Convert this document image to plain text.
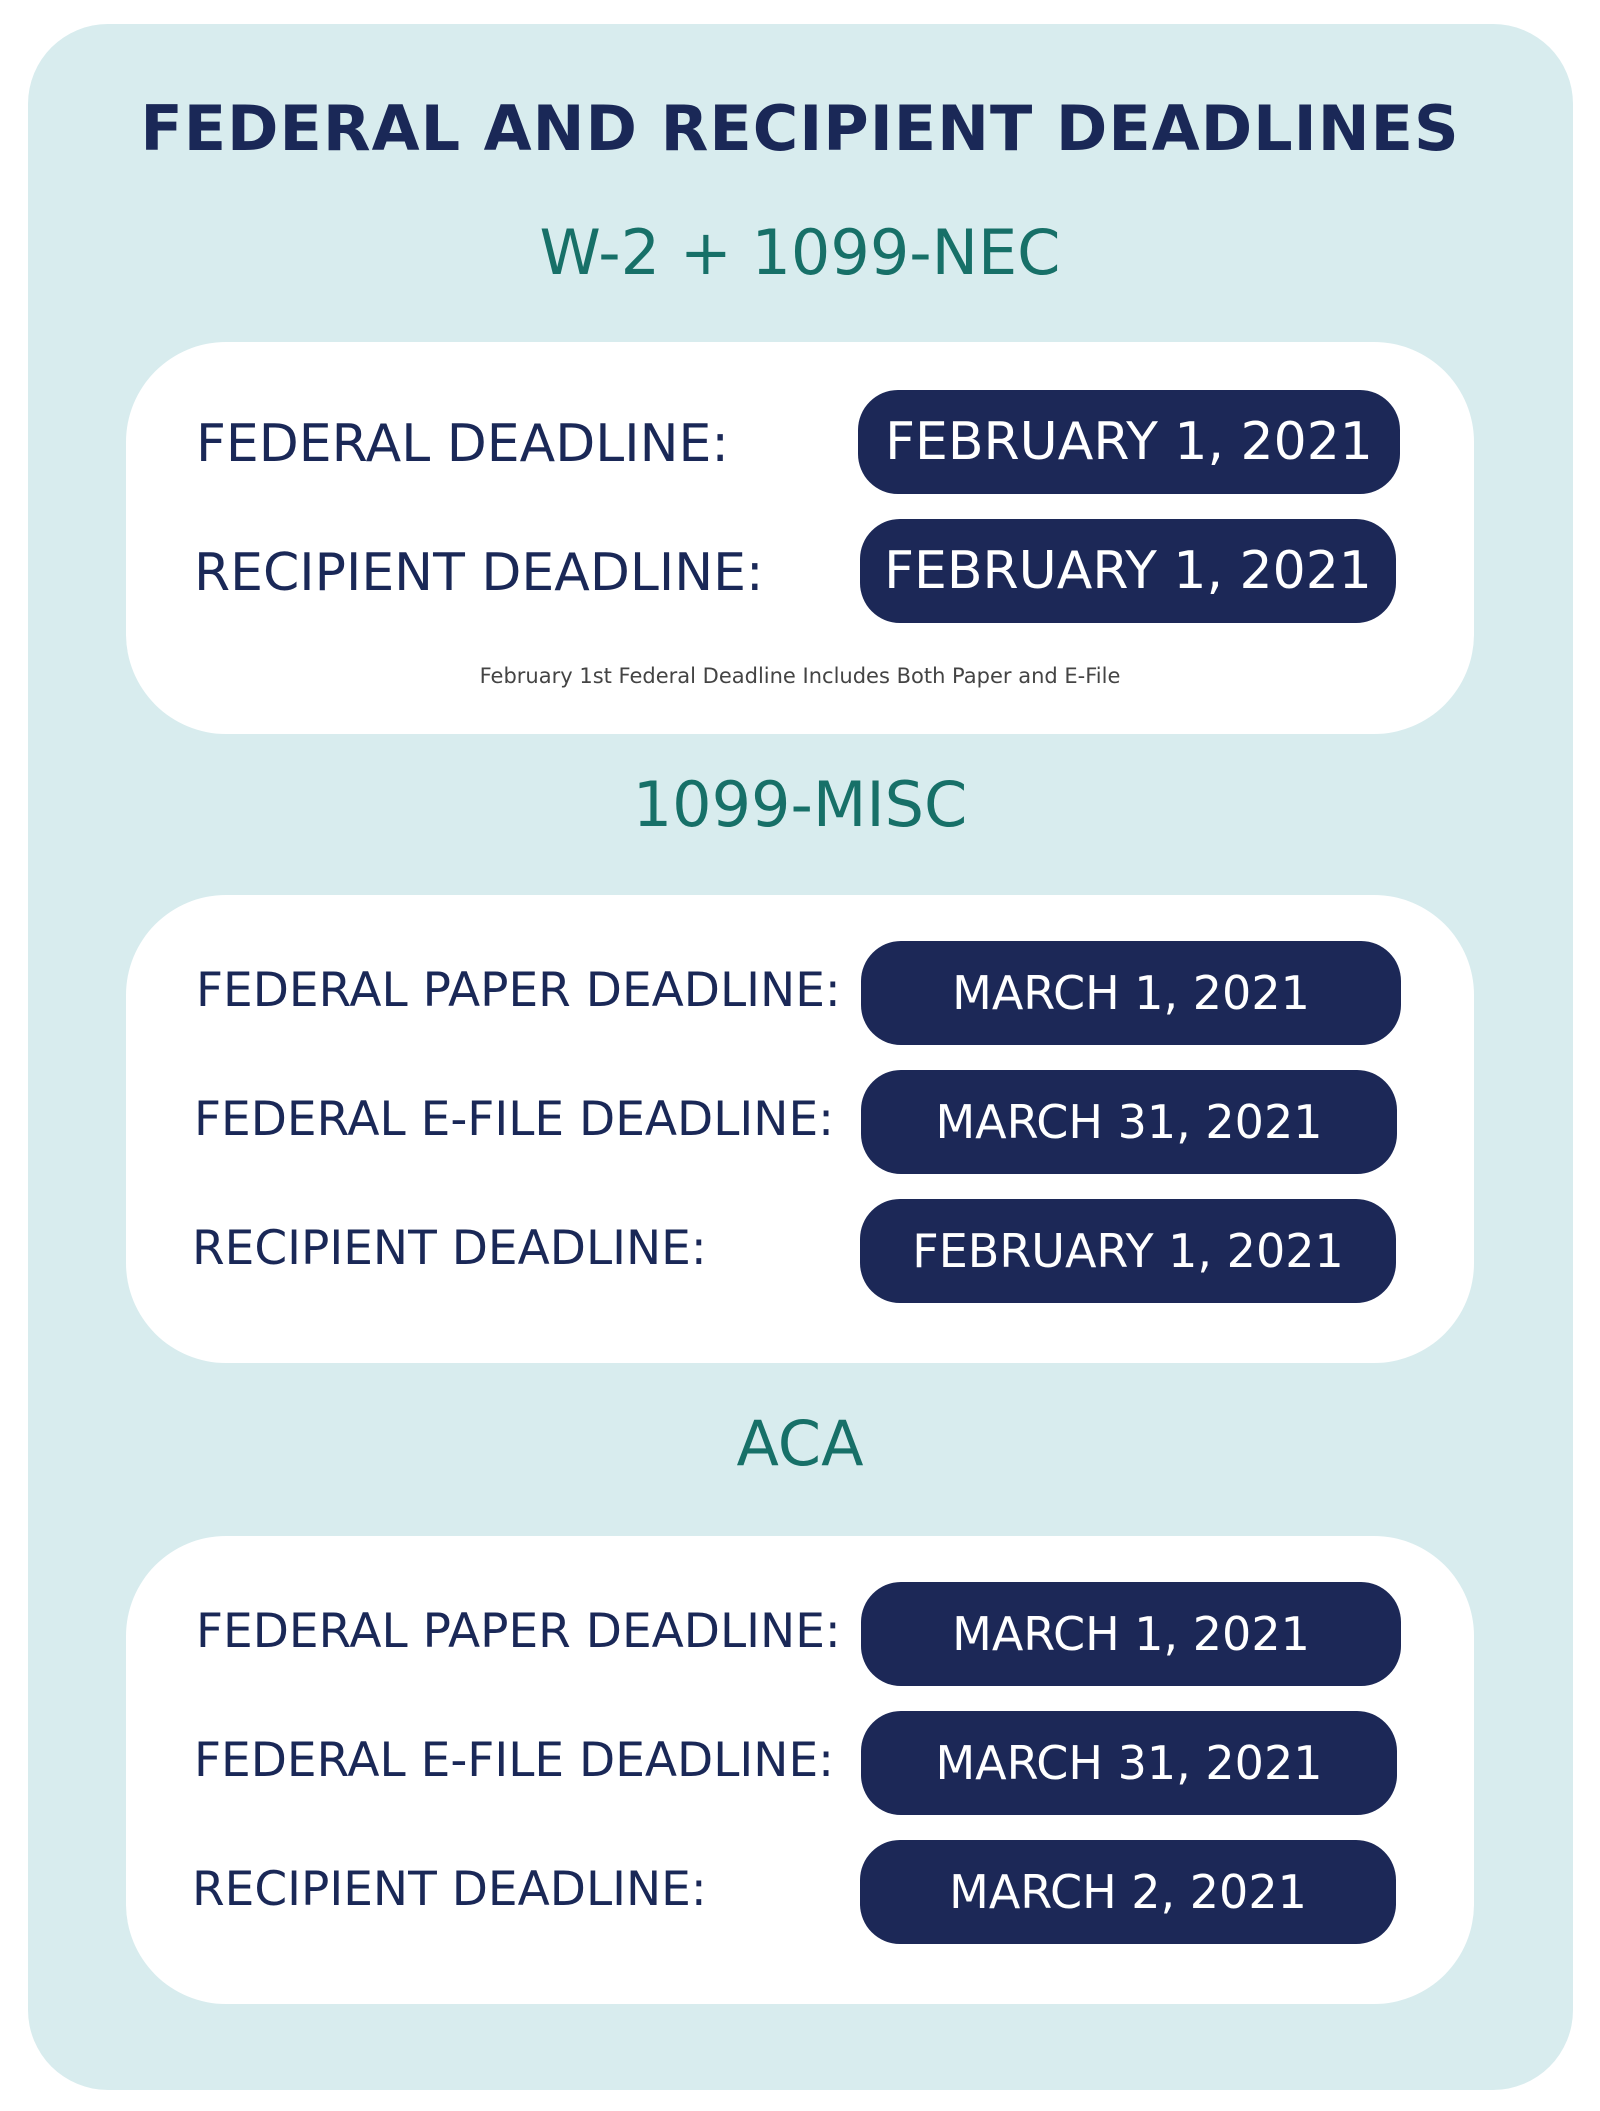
FEDERAL AND RECIPIENT DEADLINES
W-2 + 1099-NEC
FEDERAL DEADLINE:	FEBRUARY 1, 2021
RECIPIENT DEADLINE:	FEBRUARY 1, 2021
February 1st Federal Deadline Includes Both Paper and E-File
1099-MISC
FEDERAL PAPER DEADLINE:	MARCH 1, 2021
FEDERAL E-FILE DEADLINE:	MARCH 31, 2021
RECIPIENT DEADLINE:	FEBRUARY 1, 2021
ACA
FEDERAL PAPER DEADLINE:	MARCH 1, 2021
FEDERAL E-FILE DEADLINE:	MARCH 31, 2021
RECIPIENT DEADLINE:	MARCH 2, 2021
